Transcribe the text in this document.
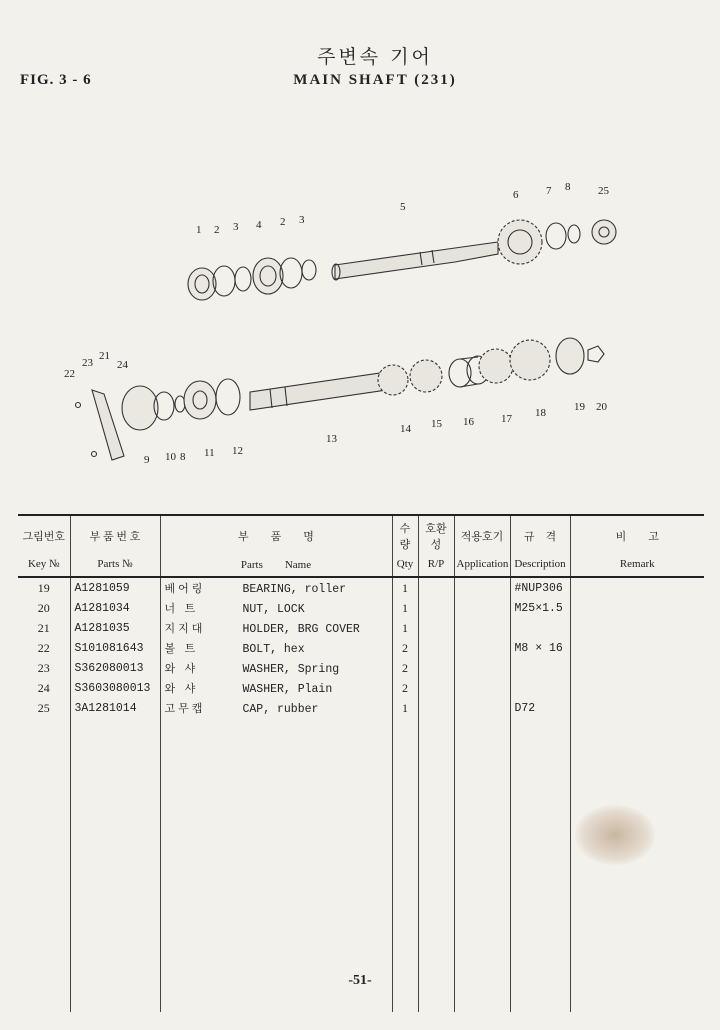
FIG. 3 - 6
주변속 기어
MAIN SHAFT (231)
1 2 3 4 2 3
5
6	7 8	25
22
23
21
24
9 10 8 11 12
13
14 15 16 17 18	19 20
그림번호	부 품 번 호	부　　품　　명	수량	호환성	적용호기	규　격	비　　고
Key №	Parts №	Parts　　Name	Qty	R/P	Application	Description	Remark
19	A1281059	베어링 BEARING, roller	1			#NUP306	
20	A1281034	너 트 NUT, LOCK	1			M25×1.5	
21	A1281035	지지대 HOLDER, BRG COVER	1				
22	S101081643	볼 트 BOLT, hex	2			M8 × 16	
23	S362080013	와 샤 WASHER, Spring	2				
24	S3603080013	와 샤 WASHER, Plain	2				
25	3A1281014	고무캡 CAP, rubber	1			D72	

-51-
